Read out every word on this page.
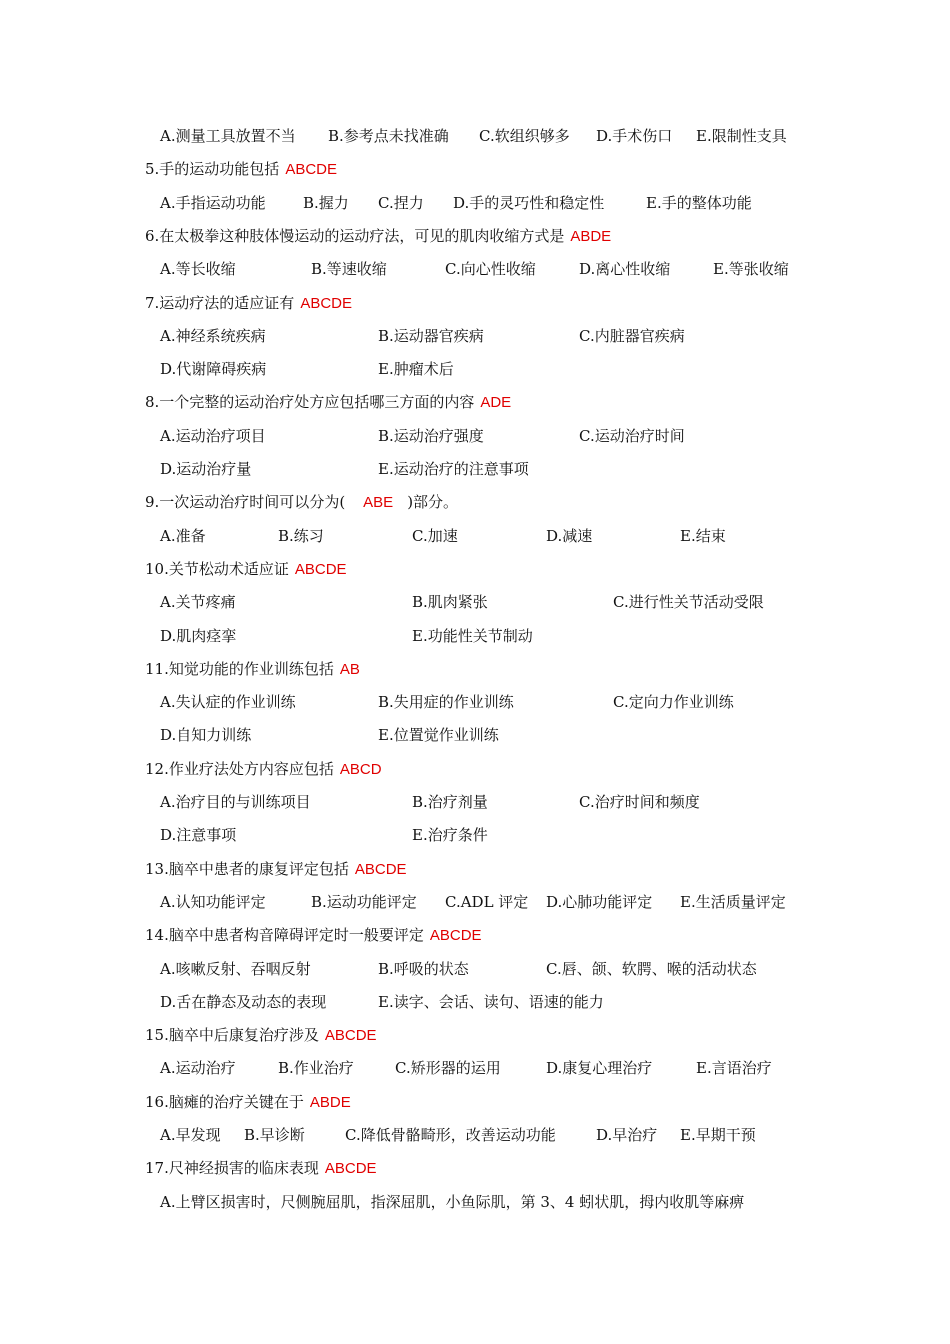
A.测量工具放置不当 B.参考点未找准确 C.软组织够多 D.手术伤口 E.限制性支具
5.手的运动功能包括 ABCDE
A.手指运动功能 B.握力 C.捏力 D.手的灵巧性和稳定性	E.手的整体功能
6.在太极拳这种肢体慢运动的运动疗法，可见的肌肉收缩方式是 ABDE
A.等长收缩	B.等速收缩	C.向心性收缩	D.离心性收缩	E.等张收缩
7.运动疗法的适应证有 ABCDE
A.神经系统疾病	B.运动器官疾病	C.内脏器官疾病
D.代谢障碍疾病	E.肿瘤术后
8.一个完整的运动治疗处方应包括哪三方面的内容 ADE
A.运动治疗项目	B.运动治疗强度	C.运动治疗时间
D.运动治疗量	E.运动治疗的注意事项
9.一次运动治疗时间可以分为( ABE )部分。
A.准备	B.练习	C.加速	D.减速	E.结束
10.关节松动术适应证 ABCDE
A.关节疼痛	B.肌肉紧张	C.进行性关节活动受限
D.肌肉痉挛	E.功能性关节制动
11.知觉功能的作业训练包括 AB
A.失认症的作业训练	B.失用症的作业训练	C.定向力作业训练
D.自知力训练	E.位置觉作业训练
12.作业疗法处方内容应包括 ABCD
A.治疗目的与训练项目	B.治疗剂量	C.治疗时间和频度
D.注意事项	E.治疗条件
13.脑卒中患者的康复评定包括 ABCDE
A.认知功能评定	B.运动功能评定 C.ADL 评定 D.心肺功能评定 E.生活质量评定
14.脑卒中患者构音障碍评定时一般要评定 ABCDE
A.咳嗽反射、吞咽反射	B.呼吸的状态	C.唇、颌、软腭、喉的活动状态
D.舌在静态及动态的表现	E.读字、会话、读句、语速的能力
15.脑卒中后康复治疗涉及 ABCDE
A.运动治疗	B.作业治疗	C.矫形器的运用	D.康复心理治疗	E.言语治疗
16.脑瘫的治疗关键在于 ABDE
A.早发现 B.早诊断	C.降低骨骼畸形，改善运动功能	D.早治疗 E.早期干预
17.尺神经损害的临床表现 ABCDE
A.上臂区损害时，尺侧腕屈肌，指深屈肌，小鱼际肌，第 3、4 蚓状肌，拇内收肌等麻痹
